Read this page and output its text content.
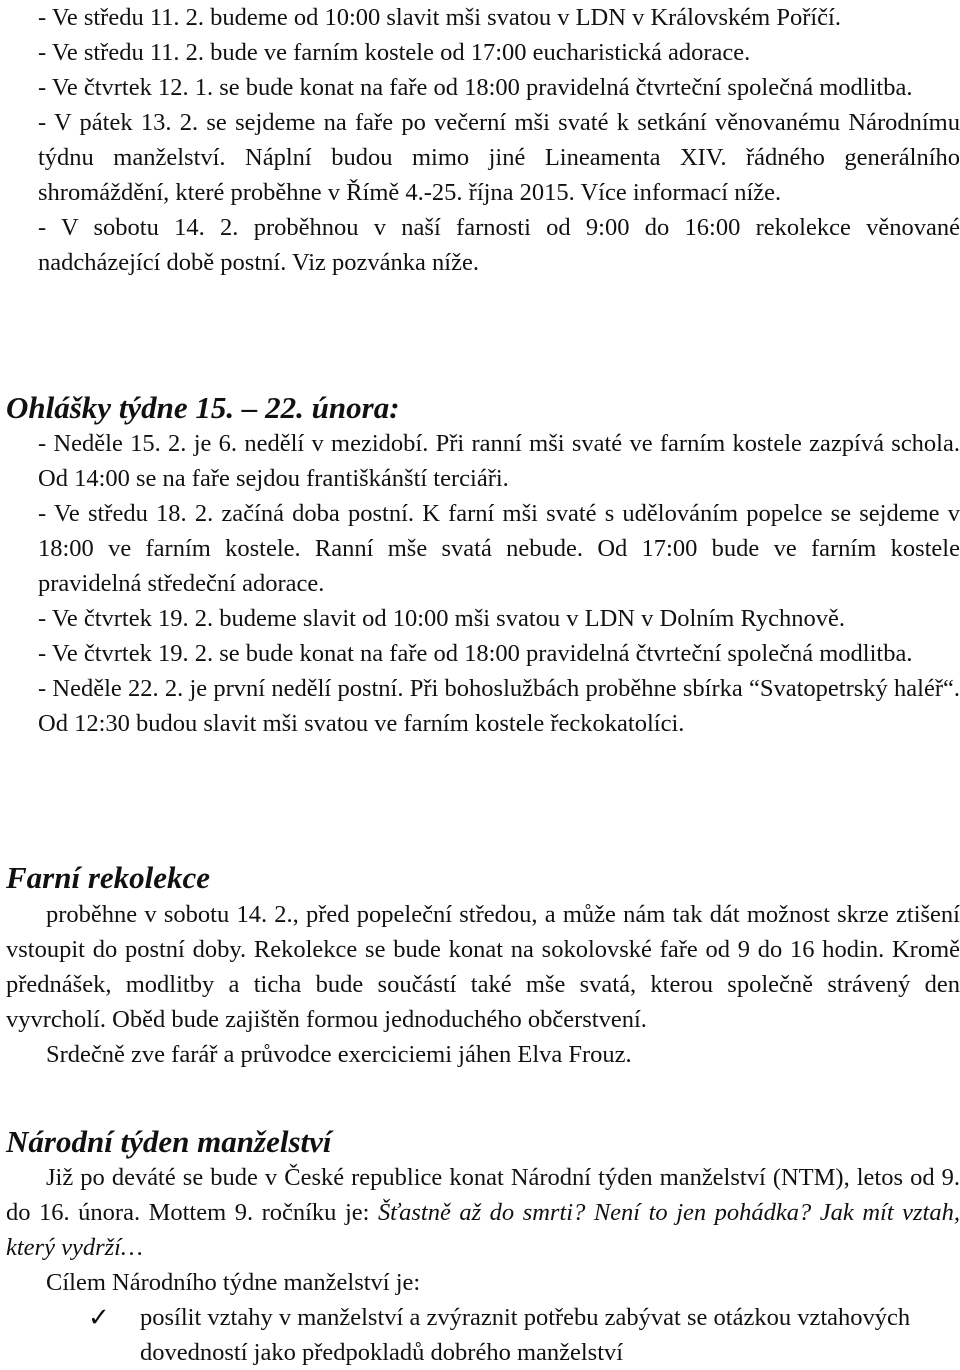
- Ve středu 11. 2. budeme od 10:00 slavit mši svatou v LDN v Královském Poříčí.

- Ve středu 11. 2. bude ve farním kostele od 17:00 eucharistická adorace.

- Ve čtvrtek 12. 1. se bude konat na faře od 18:00 pravidelná čtvrteční společná modlitba.

- V pátek 13. 2. se sejdeme na faře po večerní mši svaté k setkání věnovanému Národnímu týdnu manželství. Náplní budou mimo jiné Lineamenta XIV. řádného generálního shromáždění, které proběhne v Římě 4.-25. října 2015. Více informací níže.

- V sobotu 14. 2. proběhnou v naší farnosti od 9:00 do 16:00 rekolekce věnované nadcházející době postní. Viz pozvánka níže.

Ohlášky týdne 15. – 22. února:

- Neděle 15. 2. je 6. nedělí v mezidobí. Při ranní mši svaté ve farním kostele zazpívá schola. Od 14:00 se na faře sejdou františkánští terciáři.

- Ve středu 18. 2. začíná doba postní. K farní mši svaté s udělováním popelce se sejdeme v 18:00 ve farním kostele. Ranní mše svatá nebude. Od 17:00 bude ve farním kostele pravidelná středeční adorace.

- Ve čtvrtek 19. 2. budeme slavit od 10:00 mši svatou v LDN v Dolním Rychnově.

- Ve čtvrtek 19. 2. se bude konat na faře od 18:00 pravidelná čtvrteční společná modlitba.

- Neděle 22. 2. je první nedělí postní. Při bohoslužbách proběhne sbírka “Svatopetrský haléř“. Od 12:30 budou slavit mši svatou ve farním kostele řeckokatolíci.

Farní rekolekce

proběhne v sobotu 14. 2., před popeleční středou, a může nám tak dát možnost skrze ztišení vstoupit do postní doby. Rekolekce se bude konat na sokolovské faře od 9 do 16 hodin. Kromě přednášek, modlitby a ticha bude součástí také mše svatá, kterou společně strávený den vyvrcholí. Oběd bude zajištěn formou jednoduchého občerstvení.

Srdečně zve farář a průvodce exerciciemi jáhen Elva Frouz.

Národní týden manželství

Již po deváté se bude v České republice konat Národní týden manželství (NTM), letos od 9. do 16. února. Mottem 9. ročníku je: Šťastně až do smrti? Není to jen pohádka? Jak mít vztah, který vydrží…

Cílem Národního týdne manželství je:

✓ posílit vztahy v manželství a zvýraznit potřebu zabývat se otázkou vztahových dovedností jako předpokladů dobrého manželství
